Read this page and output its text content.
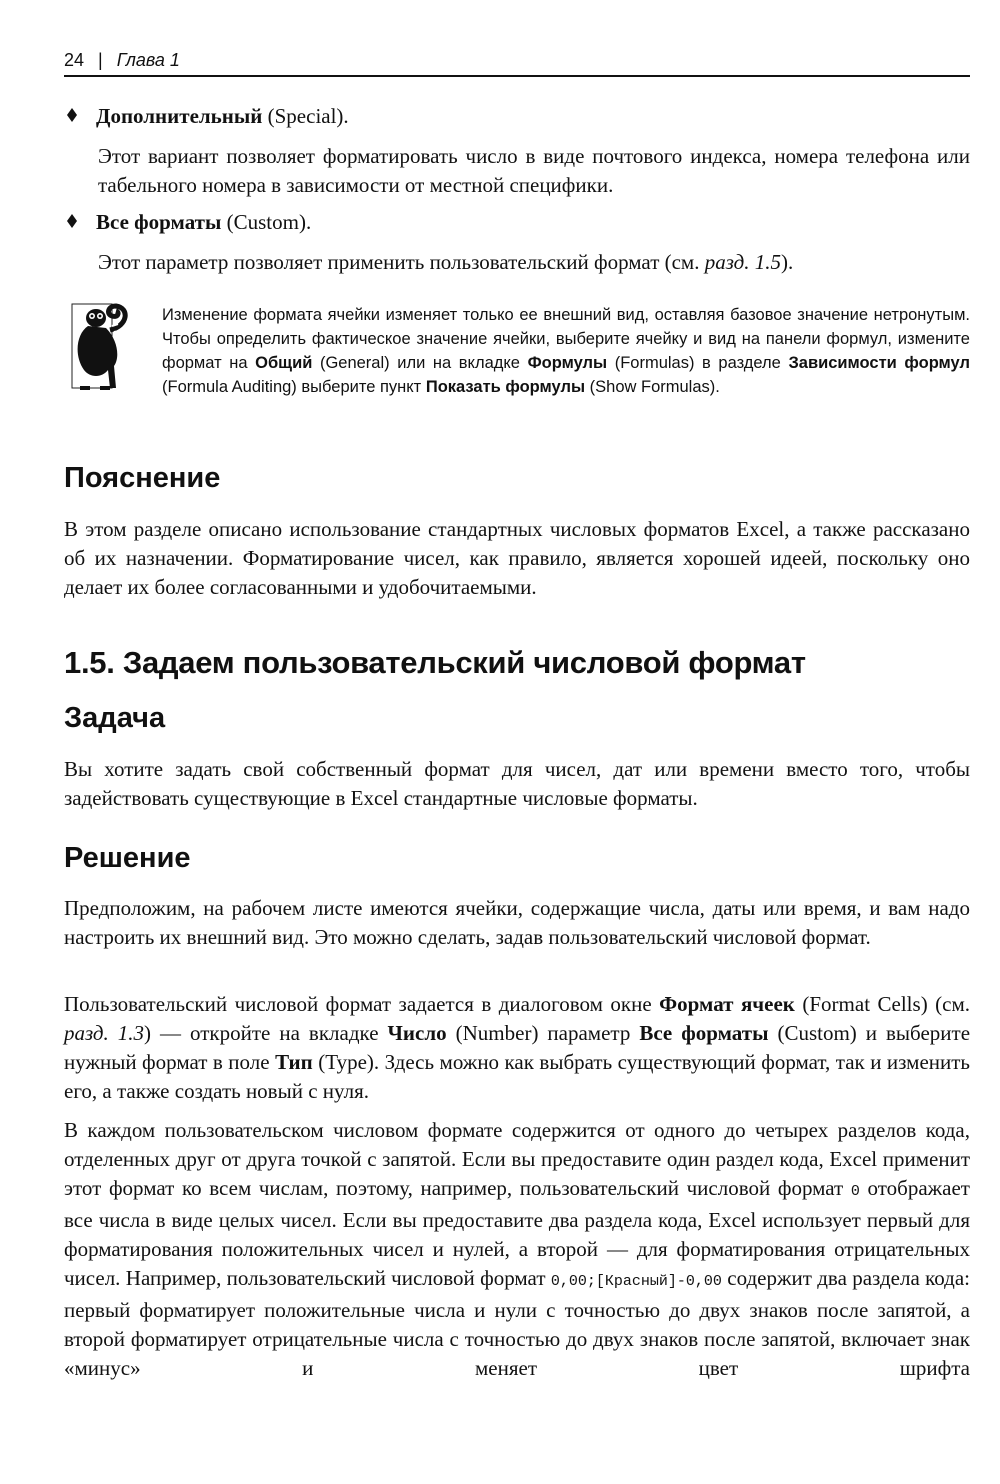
24 | Глава 1
Дополнительный (Special).
Этот вариант позволяет форматировать число в виде почтового индекса, номера телефона или табельного номера в зависимости от местной специфики.
Все форматы (Custom).
Этот параметр позволяет применить пользовательский формат (см. разд. 1.5).
Изменение формата ячейки изменяет только ее внешний вид, оставляя базовое значение нетронутым. Чтобы определить фактическое значение ячейки, выберите ячейку и вид на панели формул, измените формат на Общий (General) или на вкладке Формулы (Formulas) в разделе Зависимости формул (Formula Auditing) выберите пункт Показать формулы (Show Formulas).
Пояснение
В этом разделе описано использование стандартных числовых форматов Excel, а также рассказано об их назначении. Форматирование чисел, как правило, является хорошей идеей, поскольку оно делает их более согласованными и удобочитаемыми.
1.5. Задаем пользовательский числовой формат
Задача
Вы хотите задать свой собственный формат для чисел, дат или времени вместо того, чтобы задействовать существующие в Excel стандартные числовые форматы.
Решение
Предположим, на рабочем листе имеются ячейки, содержащие числа, даты или время, и вам надо настроить их внешний вид. Это можно сделать, задав пользовательский числовой формат.
Пользовательский числовой формат задается в диалоговом окне Формат ячеек (Format Cells) (см. разд. 1.3) — откройте на вкладке Число (Number) параметр Все форматы (Custom) и выберите нужный формат в поле Тип (Type). Здесь можно как выбрать существующий формат, так и изменить его, а также создать новый с нуля.
В каждом пользовательском числовом формате содержится от одного до четырех разделов кода, отделенных друг от друга точкой с запятой. Если вы предоставите один раздел кода, Excel применит этот формат ко всем числам, поэтому, например, пользовательский числовой формат 0 отображает все числа в виде целых чисел. Если вы предоставите два раздела кода, Excel использует первый для форматирования положительных чисел и нулей, а второй — для форматирования отрицательных чисел. Например, пользовательский числовой формат 0,00;[Красный]-0,00 содержит два раздела кода: первый форматирует положительные числа и нули с точностью до двух знаков после запятой, а второй форматирует отрицательные числа с точностью до двух знаков после запятой, включает знак «минус» и меняет цвет шрифта
